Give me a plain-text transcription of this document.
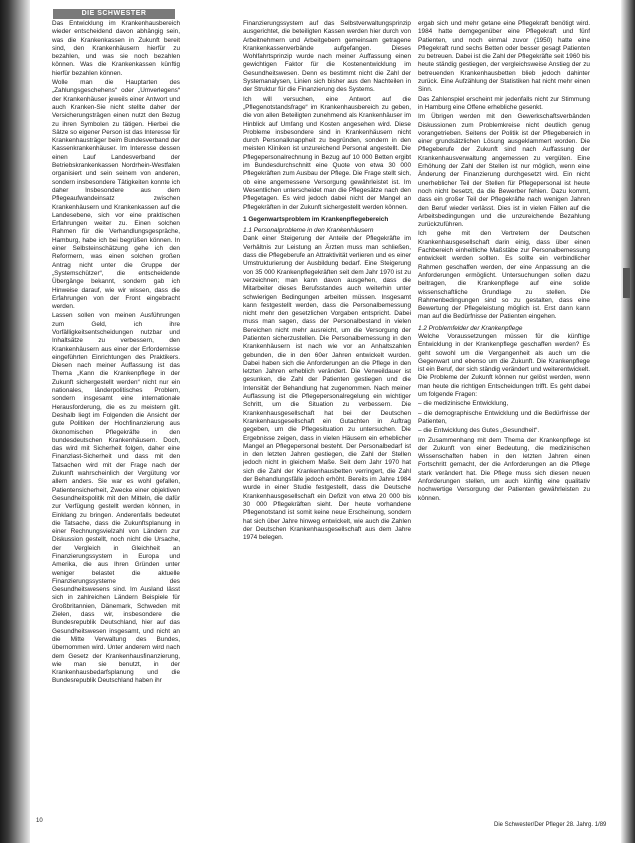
DIE SCHWESTER

Das Entwicklung im Krankenhausbereich wieder entscheidend davon abhängig sein, was die Krankenkassen in Zukunft bereit sind, den Krankenhäusern hierfür zu bezahlen, und was sie noch bezahlen können. Was die Krankenkassen künftig hierfür bezahlen können.

Wolle man die Hauptarten des „Zahlungsgeschehens“ oder „Umverlegens“ der Krankenhäuser jeweils einer Antwort und auch Kranken-Sie nicht stellte daher der Versicherungsträgen einen nutzt den Bezug zu ihren Symbolen zu tätigen. Hierbei die Sätze so eigener Person ist das Interesse für Krankenhausträger beim Bundesverband der Kassenkrankenhäuser. Im Interesse dessen einen Lauf Landesverband der Betriebskrankenkassen Nordrhein-Westfalen organisiert und sein seinem von anderen, sondern insbesondere Tätigkeiten konnte ich daher Insbesondere aus dem Pflegeaufwandeinsatz zwischen Krankenhäusern und Krankenkassen auf die Landesebene, sich vor eine praktischen Erfahrungen weiter zu. Einen solchen Rahmen für die Verhandlungsgespräche, Hamburg, habe ich bei begrüßen können. In einer Selbsteinschätzung gehe ich den Reformern, was einen solchen großen Antrag nicht unter die Gruppe der „Systemschützer“, die entscheidende Übergänge bekannt, sondern gab ich Hinweise darauf, wie wir wissen, dass die Erfahrungen von der Front eingebracht werden.

Lassen sollen von meinen Ausführungen zum Geld, ich ihre Vorfälligkeitsentscheidungen nutzbar und Inhaltsätze zu verbessern, den Krankenhäusern aus einer der Erfordernisse eingeführten Einrichtungen des Praktikers. Diesen nach meiner Auffassung ist das Thema „Kann die Krankenpflege in der Zukunft sichergestellt werden“ nicht nur ein nationales, länderpolitisches Problem, sondern insgesamt eine internationale Herausforderung, die es zu meistern gilt. Deshalb liegt im Folgenden die Ansicht der gute Politiken der Hochfinanzierung aus ökonomischen Pflegekräfte in den bundesdeutschen Krankenhäusern. Doch, das wird mit Sicherheit folgen, daher eine Finanzlast-Sicherheit und dass mit den Tatsachen wird mit der Frage nach der Zukunft wahrscheinlich der Vergütung vor allem anders. Sie war es wohl gefallen, Patientensicherheit, Zwecke einer objektiven Gesundheitspolitik mit den Mitteln, die dafür zur Verfügung gestellt werden können, in Einklang zu bringen. Anderenfalls bedeutet die Tatsache, dass die Zukunftsplanung in einer Rechnungsvielzahl von Ländern zur Diskussion gestellt, noch nicht die Ursache, der Vergleich in Gleichheit an Finanzierungssystem in Europa und Amerika, die aus Ihren Gründen unter weniger belastet die aktuelle Finanzierungssysteme des Gesundheitswesens sind. Im Ausland lässt sich in zahlreichen Ländern Beispiele für Großbritannien, Dänemark, Schweden mit Zielen, dass wir, insbesondere die Bundesrepublik Deutschland, hier auf das Gesundheitswesen insgesamt, und nicht an die Mitte Verwaltung des Bundes, übernommen wird. Unter anderem wird nach dem Gesetz der Krankenhausfinanzierung, wie man sie benutzt, in der Krankenhausbedarfsplanung und die Bundesrepublik Deutschland haben ihr

Finanzierungssystem auf das Selbstverwaltungsprinzip ausgerichtet, die beteiligten Kassen werden hier durch von Arbeitnehmern und Arbeitgebern gemeinsam getragene Krankenkassenverbände aufgefangen. Dieses Wohlfahrtsprinzip wurde nach meiner Auffassung einen gewichtigen Faktor für die Kostenentwicklung im Gesundheitswesen. Denn es bestimmt nicht die Zahl der Systemanalysen, Linien sich bisher aus den Nachteilen in der Struktur für die Finanzierung des Systems.

Ich will versuchen, eine Antwort auf die „Pflegenotstandsfrage“ im Krankenhausbereich zu geben, die von allen Beteiligten zunehmend als Krankenhäuser im Hinblick auf Umfang und Kosten angesehen wird. Diese Probleme insbesondere sind in Krankenhäusern nicht durch Personalknappheit zu begründen, sondern in den meisten Kliniken ist unzureichend Personal angestellt. Die Pflegepersonalrechnung in Bezug auf 10 000 Betten ergibt im Bundesdurchschnitt eine Quote von etwa 30 000 Pflegekräften zum Ausbau der Pflege. Die Frage stellt sich, ob eine angemessene Versorgung gewährleistet ist. Im Wesentlichen unterscheidet man die Pflegesätze nach den Pflegetagen. Es wird jedoch dabei nicht der Mangel an Pflegekräften in der Zukunft sichergestellt werden können.

1 Gegenwartsproblem im Krankenpflegebereich

1.1 Personalprobleme in den Krankenhäusern

Dank einer Steigerung der Anteile der Pflegekräfte im Verhältnis zur Leistung an Ärzten muss man schließen, dass die Pflegeberufe an Attraktivität verlieren und es einer Umstrukturierung der Ausbildung bedarf. Eine Steigerung von 35 000 Krankenpflegekräften seit dem Jahr 1970 ist zu verzeichnen; man kann davon ausgehen, dass die Mitarbeiter dieses Berufsstandes auch weiterhin unter schwierigen Bedingungen arbeiten müssen. Insgesamt kann festgestellt werden, dass die Personalbemessung nicht mehr den gesetzlichen Vorgaben entspricht. Dabei muss man sagen, dass der Personalbestand in vielen Bereichen nicht mehr ausreicht, um die Versorgung der Patienten sicherzustellen. Die Personalbemessung in den Krankenhäusern ist nach wie vor an Anhaltszahlen gebunden, die in den 60er Jahren entwickelt wurden. Dabei haben sich die Anforderungen an die Pflege in den letzten Jahren erheblich verändert. Die Verweildauer ist gesunken, die Zahl der Patienten gestiegen und die Intensität der Behandlung hat zugenommen. Nach meiner Auffassung ist die Pflegepersonalregelung ein wichtiger Schritt, um die Situation zu verbessern. Die Krankenhausgesellschaft hat bei der Deutschen Krankenhausgesellschaft ein Gutachten in Auftrag gegeben, um die Pflegesituation zu untersuchen. Die Ergebnisse zeigen, dass in vielen Häusern ein erheblicher Mangel an Pflegepersonal besteht. Der Personalbedarf ist in den letzten Jahren gestiegen, die Zahl der Stellen jedoch nicht in gleichem Maße. Seit dem Jahr 1970 hat sich die Zahl der Krankenhausbetten verringert, die Zahl der Behandlungsfälle jedoch erhöht. Bereits im Jahre 1984 wurde in einer Studie festgestellt, dass die Deutsche Krankenhausgesellschaft ein Defizit von etwa 20 000 bis 30 000 Pflegekräften sieht. Der heute vorhandene Pflegenotstand ist somit keine neue Erscheinung, sondern hat sich über Jahre hinweg entwickelt, wie auch die Zahlen der Deutschen Krankenhausgesellschaft aus dem Jahre 1974 belegen.

ergab sich und mehr getane eine Pflegekraft benötigt wird. 1984 hatte demgegenüber eine Pflegekraft und fünf Patienten, und noch einmal zuvor (1950) hatte eine Pflegekraft rund sechs Betten oder besser gesagt Patienten zu betreuen. Dabei ist die Zahl der Pflegekräfte seit 1960 bis heute ständig gestiegen, der vergleichsweise Anstieg der zu betreuenden Krankenhausbetten blieb jedoch dahinter zurück. Eine Aufzählung der Statistiken hat nicht mehr einen Sinn.

Das Zahlenspiel erscheint mir jedenfalls nicht zur Stimmung in Hamburg eine Offene erhebliche gesenkt.

Im Übrigen werden mit den Gewerkschaftsverbänden Diskussionen zum Problemkreise nicht deutlich genug vorangetrieben. Seitens der Politik ist der Pflegebereich in einer grundsätzlichen Lösung ausgeklammert worden. Die Pflegeberufe der Zukunft sind nach Auffassung der Krankenhausverwaltung angemessen zu vergüten. Eine Erhöhung der Zahl der Stellen ist nur möglich, wenn eine Änderung der Finanzierung durchgesetzt wird. Ein nicht unerheblicher Teil der Stellen für Pflegepersonal ist heute noch nicht besetzt, da die Bewerber fehlen. Dazu kommt, dass ein großer Teil der Pflegekräfte nach wenigen Jahren den Beruf wieder verlässt. Dies ist in vielen Fällen auf die Arbeitsbedingungen und die unzureichende Bezahlung zurückzuführen.

Ich gehe mit den Vertretern der Deutschen Krankenhausgesellschaft darin einig, dass über einen Fachbereich einheitliche Maßstäbe zur Personalbemessung entwickelt werden sollten. Es sollte ein verbindlicher Rahmen geschaffen werden, der eine Anpassung an die Anforderungen ermöglicht. Untersuchungen sollen dazu beitragen, die Krankenpflege auf eine solide wissenschaftliche Grundlage zu stellen. Die Rahmenbedingungen sind so zu gestalten, dass eine Bewertung der Pflegeleistung möglich ist. Erst dann kann man auf die Bedürfnisse der Patienten eingehen.

1.2 Problemfelder der Krankenpflege

Welche Voraussetzungen müssen für die künftige Entwicklung in der Krankenpflege geschaffen werden? Es geht sowohl um die Vergangenheit als auch um die Gegenwart und ebenso um die Zukunft. Die Krankenpflege ist ein Beruf, der sich ständig verändert und weiterentwickelt. Die Probleme der Zukunft können nur gelöst werden, wenn man heute die richtigen Entscheidungen trifft. Es geht dabei um folgende Fragen:

– die medizinische Entwicklung,

– die demographische Entwicklung und die Bedürfnisse der Patienten,

– die Entwicklung des Gutes „Gesundheit“.

Im Zusammenhang mit dem Thema der Krankenpflege ist der Zukunft von einer Bedeutung, die medizinischen Wissenschaften haben in den letzten Jahren einen Fortschritt gemacht, der die Anforderungen an die Pflege stark verändert hat. Die Pflege muss sich diesen neuen Anforderungen stellen, um auch künftig eine qualitativ hochwertige Versorgung der Patienten gewährleisten zu können.

10
Die Schwester/Der Pfleger 28. Jahrg. 1/89
